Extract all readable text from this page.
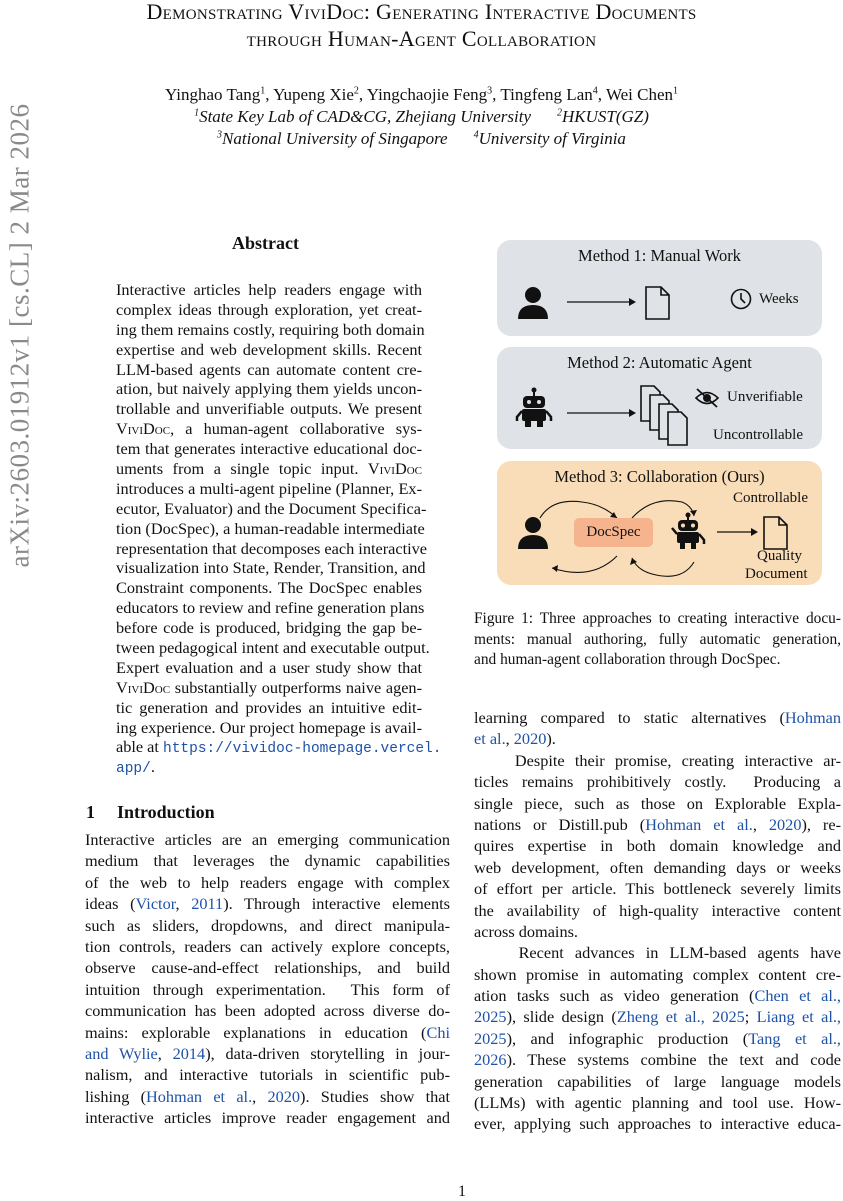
Demonstrating ViviDoc: Generating Interactive Documents
through Human-Agent Collaboration
Yinghao Tang$^1$, Yupeng Xie$^2$, Yingchaojie Feng$^3$, Tingfeng Lan$^4$, Wei Chen$^1$
$^1$State Key Lab of CAD&CG, Zhejiang University	$^2$HKUST(GZ)
$^3$National University of Singapore	$^4$University of Virginia
arXiv:2603.01912v1 [cs.CL] 2 Mar 2026	Abstract
Interactive articles help readers engage with
complex ideas through exploration, yet creat-
ing them remains costly, requiring both domain
expertise and web development skills. Recent
LLM-based agents can automate content cre-
ation, but naively applying them yields uncon-
trollable and unverifiable outputs. We present
ViviDoc, a human-agent collaborative sys-
tem that generates interactive educational doc-
uments from a single topic input. ViviDoc
introduces a multi-agent pipeline (Planner, Ex-
ecutor, Evaluator) and the Document Specifica-
tion (DocSpec), a human-readable intermediate
representation that decomposes each interactive
visualization into State, Render, Transition, and
Constraint components. The DocSpec enables
educators to review and refine generation plans
before code is produced, bridging the gap be-
tween pedagogical intent and executable output.
Expert evaluation and a user study show that
ViviDoc substantially outperforms naive agen-
tic generation and provides an intuitive edit-
ing experience. Our project homepage is avail-
able at https://vividoc-homepage.vercel.
app/.
1 Introduction
Interactive articles are an emerging communication
medium that leverages the dynamic capabilities
of the web to help readers engage with complex
ideas (Victor, 2011). Through interactive elements
such as sliders, dropdowns, and direct manipula-
tion controls, readers can actively explore concepts,
observe cause-and-effect relationships, and build
intuition through experimentation.  This form of
communication has been adopted across diverse do-
mains: explorable explanations in education (Chi
and Wylie, 2014), data-driven storytelling in jour-
nalism, and interactive tutorials in scientific pub-
lishing (Hohman et al., 2020). Studies show that
interactive articles improve reader engagement and
learning compared to static alternatives (Hohman
et al., 2020).
Despite their promise, creating interactive ar-
ticles remains prohibitively costly.  Producing a
single piece, such as those on Explorable Expla-
nations or Distill.pub (Hohman et al., 2020), re-
quires expertise in both domain knowledge and
web development, often demanding days or weeks
of effort per article. This bottleneck severely limits
the availability of high-quality interactive content
across domains.
Recent advances in LLM-based agents have
shown promise in automating complex content cre-
ation tasks such as video generation (Chen et al.,
2025), slide design (Zheng et al., 2025; Liang et al.,
2025), and infographic production (Tang et al.,
2026). These systems combine the text and code
generation capabilities of large language models
(LLMs) with agentic planning and tool use. How-
ever, applying such approaches to interactive educa-
Method 1: Manual Work
Weeks
Method 2: Automatic Agent
Unverifiable
Uncontrollable
Method 3: Collaboration (Ours)
DocSpec
Controllable
Quality
Document
Figure 1: Three approaches to creating interactive docu-
ments: manual authoring, fully automatic generation,
and human-agent collaboration through DocSpec.
1
